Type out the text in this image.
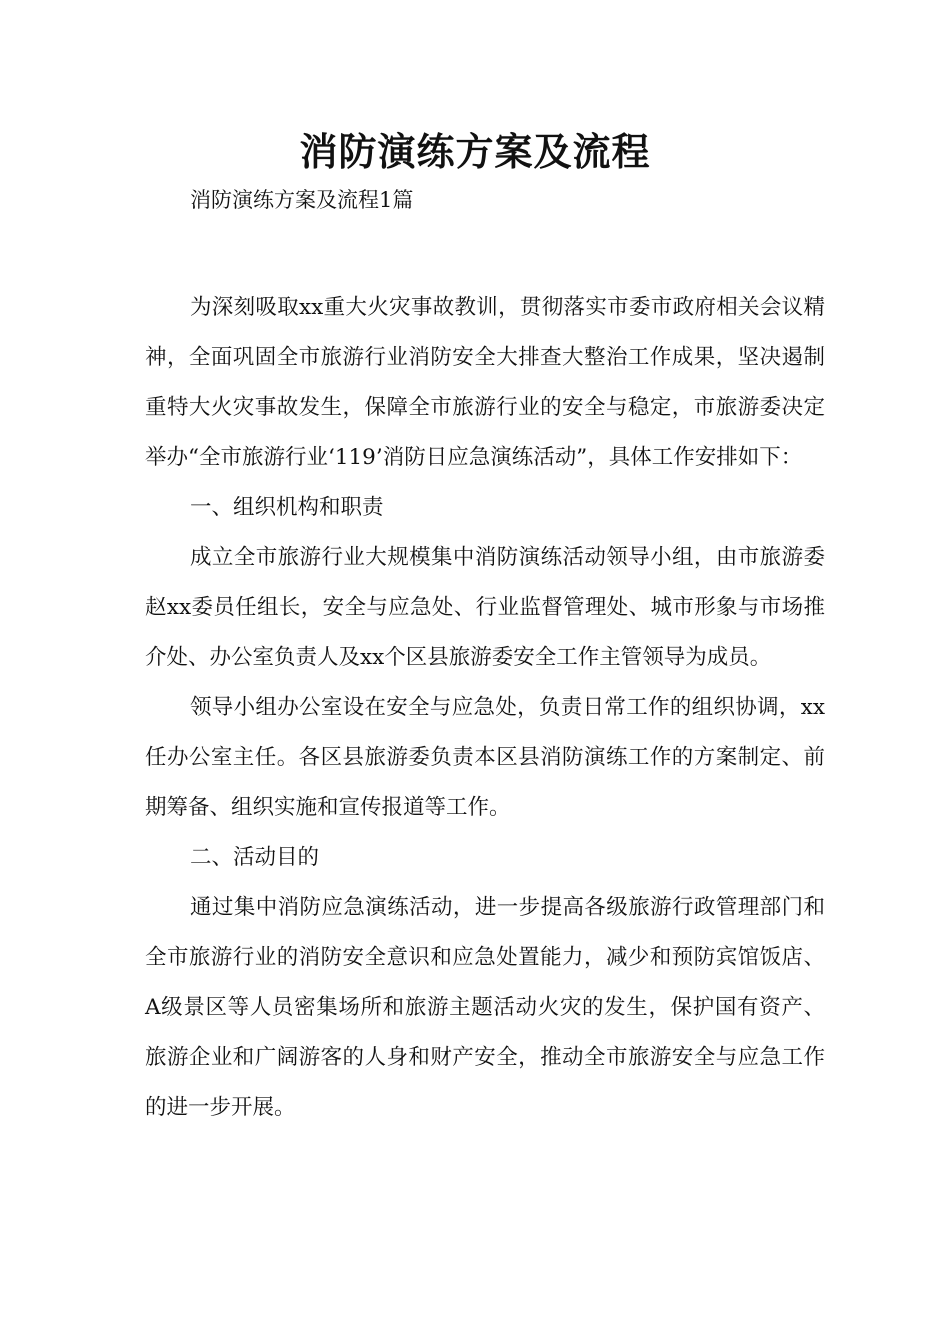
消防演练方案及流程

消防演练方案及流程1篇

为深刻吸取xx重大火灾事故教训，贯彻落实市委市政府相关会议精神，全面巩固全市旅游行业消防安全大排查大整治工作成果，坚决遏制重特大火灾事故发生，保障全市旅游行业的安全与稳定，市旅游委决定举办“全市旅游行业‘119’消防日应急演练活动”，具体工作安排如下：

一、组织机构和职责

成立全市旅游行业大规模集中消防演练活动领导小组，由市旅游委赵xx委员任组长，安全与应急处、行业监督管理处、城市形象与市场推介处、办公室负责人及xx个区县旅游委安全工作主管领导为成员。

领导小组办公室设在安全与应急处，负责日常工作的组织协调，xx任办公室主任。各区县旅游委负责本区县消防演练工作的方案制定、前期筹备、组织实施和宣传报道等工作。

二、活动目的

通过集中消防应急演练活动，进一步提高各级旅游行政管理部门和全市旅游行业的消防安全意识和应急处置能力，减少和预防宾馆饭店、A级景区等人员密集场所和旅游主题活动火灾的发生，保护国有资产、旅游企业和广阔游客的人身和财产安全，推动全市旅游安全与应急工作的进一步开展。
